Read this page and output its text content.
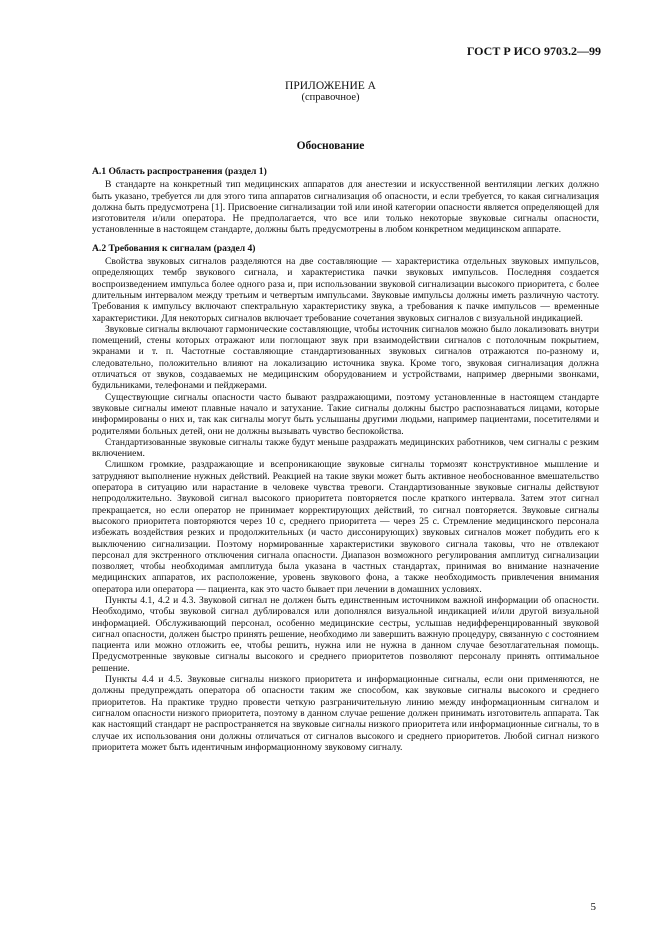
ГОСТ Р ИСО 9703.2—99
ПРИЛОЖЕНИЕ А
(справочное)
Обоснование
А.1 Область распространения (раздел 1)

В стандарте на конкретный тип медицинских аппаратов для анестезии и искусственной вентиляции легких должно быть указано, требуется ли для этого типа аппаратов сигнализация об опасности, и если требуется, то какая сигнализация должна быть предусмотрена [1]. Присвоение сигнализации той или иной категории опасности является определяющей для изготовителя и/или оператора. Не предполагается, что все или только некоторые звуковые сигналы опасности, установленные в настоящем стандарте, должны быть предусмотрены в любом конкретном медицинском аппарате.

А.2 Требования к сигналам (раздел 4)

Свойства звуковых сигналов разделяются на две составляющие — характеристика отдельных звуковых импульсов, определяющих тембр звукового сигнала, и характеристика пачки звуковых импульсов. Последняя создается воспроизведением импульса более одного раза и, при использовании звуковой сигнализации высокого приоритета, с более длительным интервалом между третьим и четвертым импульсами. Звуковые импульсы должны иметь различную частоту. Требования к импульсу включают спектральную характеристику звука, а требования к пачке импульсов — временные характеристики. Для некоторых сигналов включает требование сочетания звуковых сигналов с визуальной индикацией.

Звуковые сигналы включают гармонические составляющие, чтобы источник сигналов можно было локализовать внутри помещений, стены которых отражают или поглощают звук при взаимодействии сигналов с потолочным покрытием, экранами и т. п. Частотные составляющие стандартизованных звуковых сигналов отражаются по-разному и, следовательно, положительно влияют на локализацию источника звука. Кроме того, звуковая сигнализация должна отличаться от звуков, создаваемых не медицинским оборудованием и устройствами, например дверными звонками, будильниками, телефонами и пейджерами.

Существующие сигналы опасности часто бывают раздражающими, поэтому установленные в настоящем стандарте звуковые сигналы имеют плавные начало и затухание. Такие сигналы должны быстро распознаваться лицами, которые информированы о них и, так как сигналы могут быть услышаны другими людьми, например пациентами, посетителями и родителями больных детей, они не должны вызывать чувство беспокойства.

Стандартизованные звуковые сигналы также будут меньше раздражать медицинских работников, чем сигналы с резким включением.

Слишком громкие, раздражающие и всепроникающие звуковые сигналы тормозят конструктивное мышление и затрудняют выполнение нужных действий. Реакцией на такие звуки может быть активное необоснованное вмешательство оператора в ситуацию или нарастание в человеке чувства тревоги. Стандартизованные звуковые сигналы действуют непродолжительно. Звуковой сигнал высокого приоритета повторяется после краткого интервала. Затем этот сигнал прекращается, но если оператор не принимает корректирующих действий, то сигнал повторяется. Звуковые сигналы высокого приоритета повторяются через 10 с, среднего приоритета — через 25 с. Стремление медицинского персонала избежать воздействия резких и продолжительных (и часто диссонирующих) звуковых сигналов может побудить его к выключению сигнализации. Поэтому нормированные характеристики звукового сигнала таковы, что не отвлекают персонал для экстренного отключения сигнала опасности. Диапазон возможного регулирования амплитуд сигнализации позволяет, чтобы необходимая амплитуда была указана в частных стандартах, принимая во внимание назначение медицинских аппаратов, их расположение, уровень звукового фона, а также необходимость привлечения внимания оператора или оператора — пациента, как это часто бывает при лечении в домашних условиях.

Пункты 4.1, 4.2 и 4.3. Звуковой сигнал не должен быть единственным источником важной информации об опасности. Необходимо, чтобы звуковой сигнал дублировался или дополнялся визуальной индикацией и/или другой визуальной информацией. Обслуживающий персонал, особенно медицинские сестры, услышав недифференцированный звуковой сигнал опасности, должен быстро принять решение, необходимо ли завершить важную процедуру, связанную с состоянием пациента или можно отложить ее, чтобы решить, нужна или не нужна в данном случае безотлагательная помощь. Предусмотренные звуковые сигналы высокого и среднего приоритетов позволяют персоналу принять оптимальное решение.

Пункты 4.4 и 4.5. Звуковые сигналы низкого приоритета и информационные сигналы, если они применяются, не должны предупреждать оператора об опасности таким же способом, как звуковые сигналы высокого и среднего приоритетов. На практике трудно провести четкую разграничительную линию между информационным сигналом и сигналом опасности низкого приоритета, поэтому в данном случае решение должен принимать изготовитель аппарата. Так как настоящий стандарт не распространяется на звуковые сигналы низкого приоритета или информационные сигналы, то в случае их использования они должны отличаться от сигналов высокого и среднего приоритетов. Любой сигнал низкого приоритета может быть идентичным информационному звуковому сигналу.

5
